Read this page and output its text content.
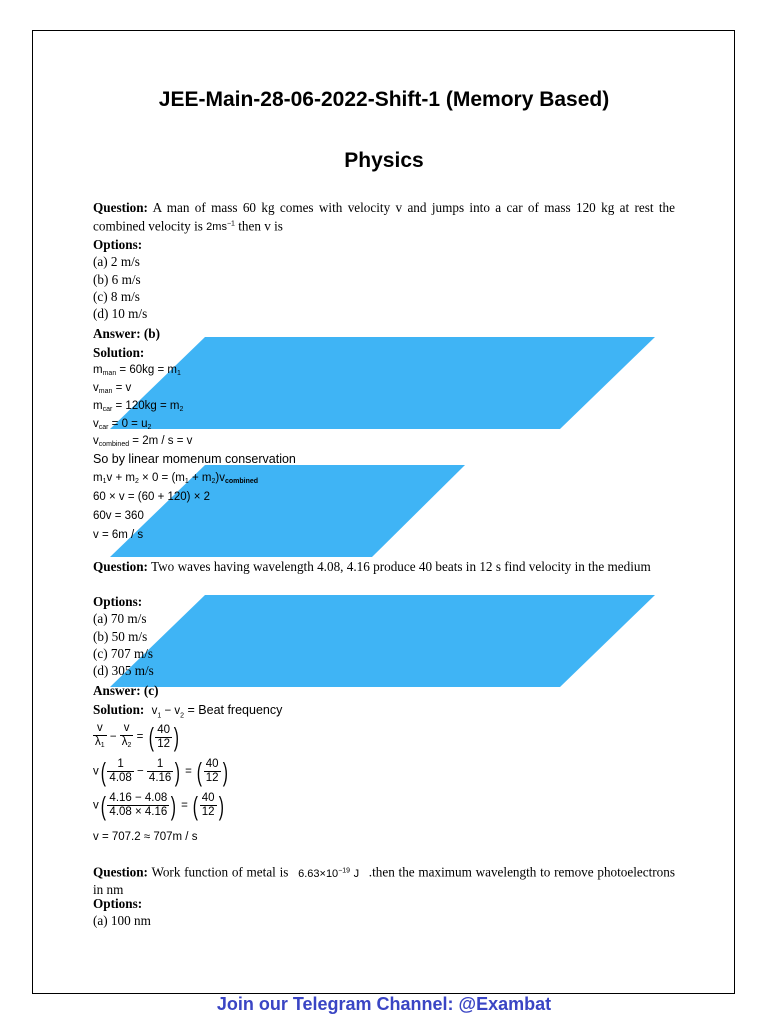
JEE-Main-28-06-2022-Shift-1 (Memory Based)
Physics
Question: A man of mass 60 kg comes with velocity v and jumps into a car of mass 120 kg at rest the combined velocity is $2ms^{-1}$ then v is
Options:
(a) 2 m/s
(b) 6 m/s
(c) 8 m/s
(d) 10 m/s
Answer: (b)
Solution:
$m_{man} = 60kg = m_1$
$v_{man} = v$
$m_{car} = 120kg = m_2$
$v_{car} = 0 = u_2$
$v_{combined} = 2m / s = v$
So by linear momenum conservation
$m_1v + m_2 \times 0 = (m_1 + m_2)v_{combined}$
60 × v = (60 + 120) × 2
60v = 360
v = 6m / s
Question: Two waves having wavelength 4.08, 4.16 produce 40 beats in 12 s find velocity in the medium
Options:
(a) 70 m/s
(b) 50 m/s
(c) 707 m/s
(d) 305 m/s
Answer: (c)
Solution: $v_1 - v_2$ = Beat frequency
$\frac{v}{\lambda_1} - \frac{v}{\lambda_2}$ = ( $\frac{40}{12}$ )
$v( \frac{1}{4.08} - \frac{1}{4.16}$ ) = ( $\frac{40}{12}$ )
$v( \frac{4.16 - 4.08}{4.08 \times 4.16}$ ) = ( $\frac{40}{12}$ )
v = 707.2 ≈ 707m / s
Question: Work function of metal is $6.63\times 10^{-19}$ J .then the maximum wavelength to remove photoelectrons in nm
Options:
(a) 100 nm
Join our Telegram Channel: @Exambat
